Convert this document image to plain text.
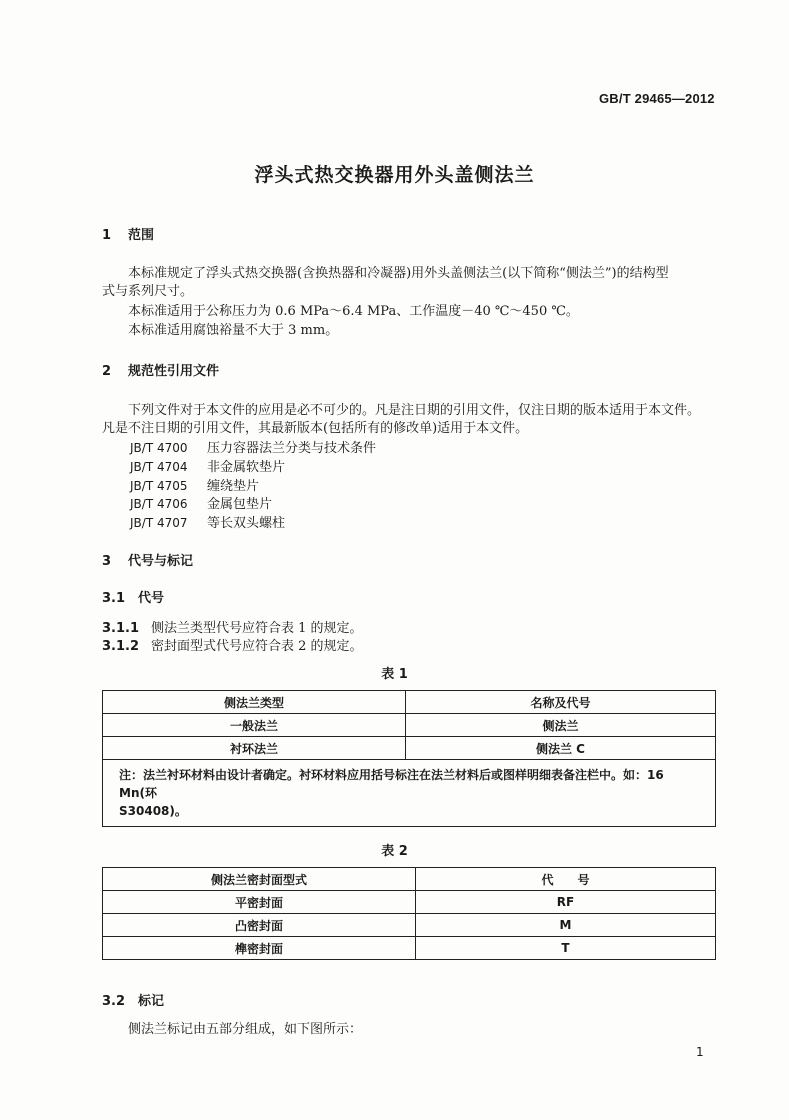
GB/T 29465—2012
浮头式热交换器用外头盖侧法兰
1 范围
本标准规定了浮头式热交换器(含换热器和冷凝器)用外头盖侧法兰(以下简称“侧法兰”)的结构型
式与系列尺寸。
本标准适用于公称压力为 0.6 MPa～6.4 MPa、工作温度－40 ℃～450 ℃。
本标准适用腐蚀裕量不大于 3 mm。
2 规范性引用文件
下列文件对于本文件的应用是必不可少的。凡是注日期的引用文件，仅注日期的版本适用于本文件。
凡是不注日期的引用文件，其最新版本(包括所有的修改单)适用于本文件。
JB/T 4700 压力容器法兰分类与技术条件
JB/T 4704 非金属软垫片
JB/T 4705 缠绕垫片
JB/T 4706 金属包垫片
JB/T 4707 等长双头螺柱
3 代号与标记
3.1 代号
3.1.1 侧法兰类型代号应符合表 1 的规定。
3.1.2 密封面型式代号应符合表 2 的规定。
表 1
侧法兰类型	名称及代号
一般法兰	侧法兰
衬环法兰	侧法兰 C

注：法兰衬环材料由设计者确定。衬环材料应用括号标注在法兰材料后或图样明细表备注栏中。如：16 Mn(环
S30408)。	
表 2
侧法兰密封面型式	代　　号
平密封面	RF
凸密封面	M
榫密封面	T
3.2 标记
侧法兰标记由五部分组成，如下图所示：
1
